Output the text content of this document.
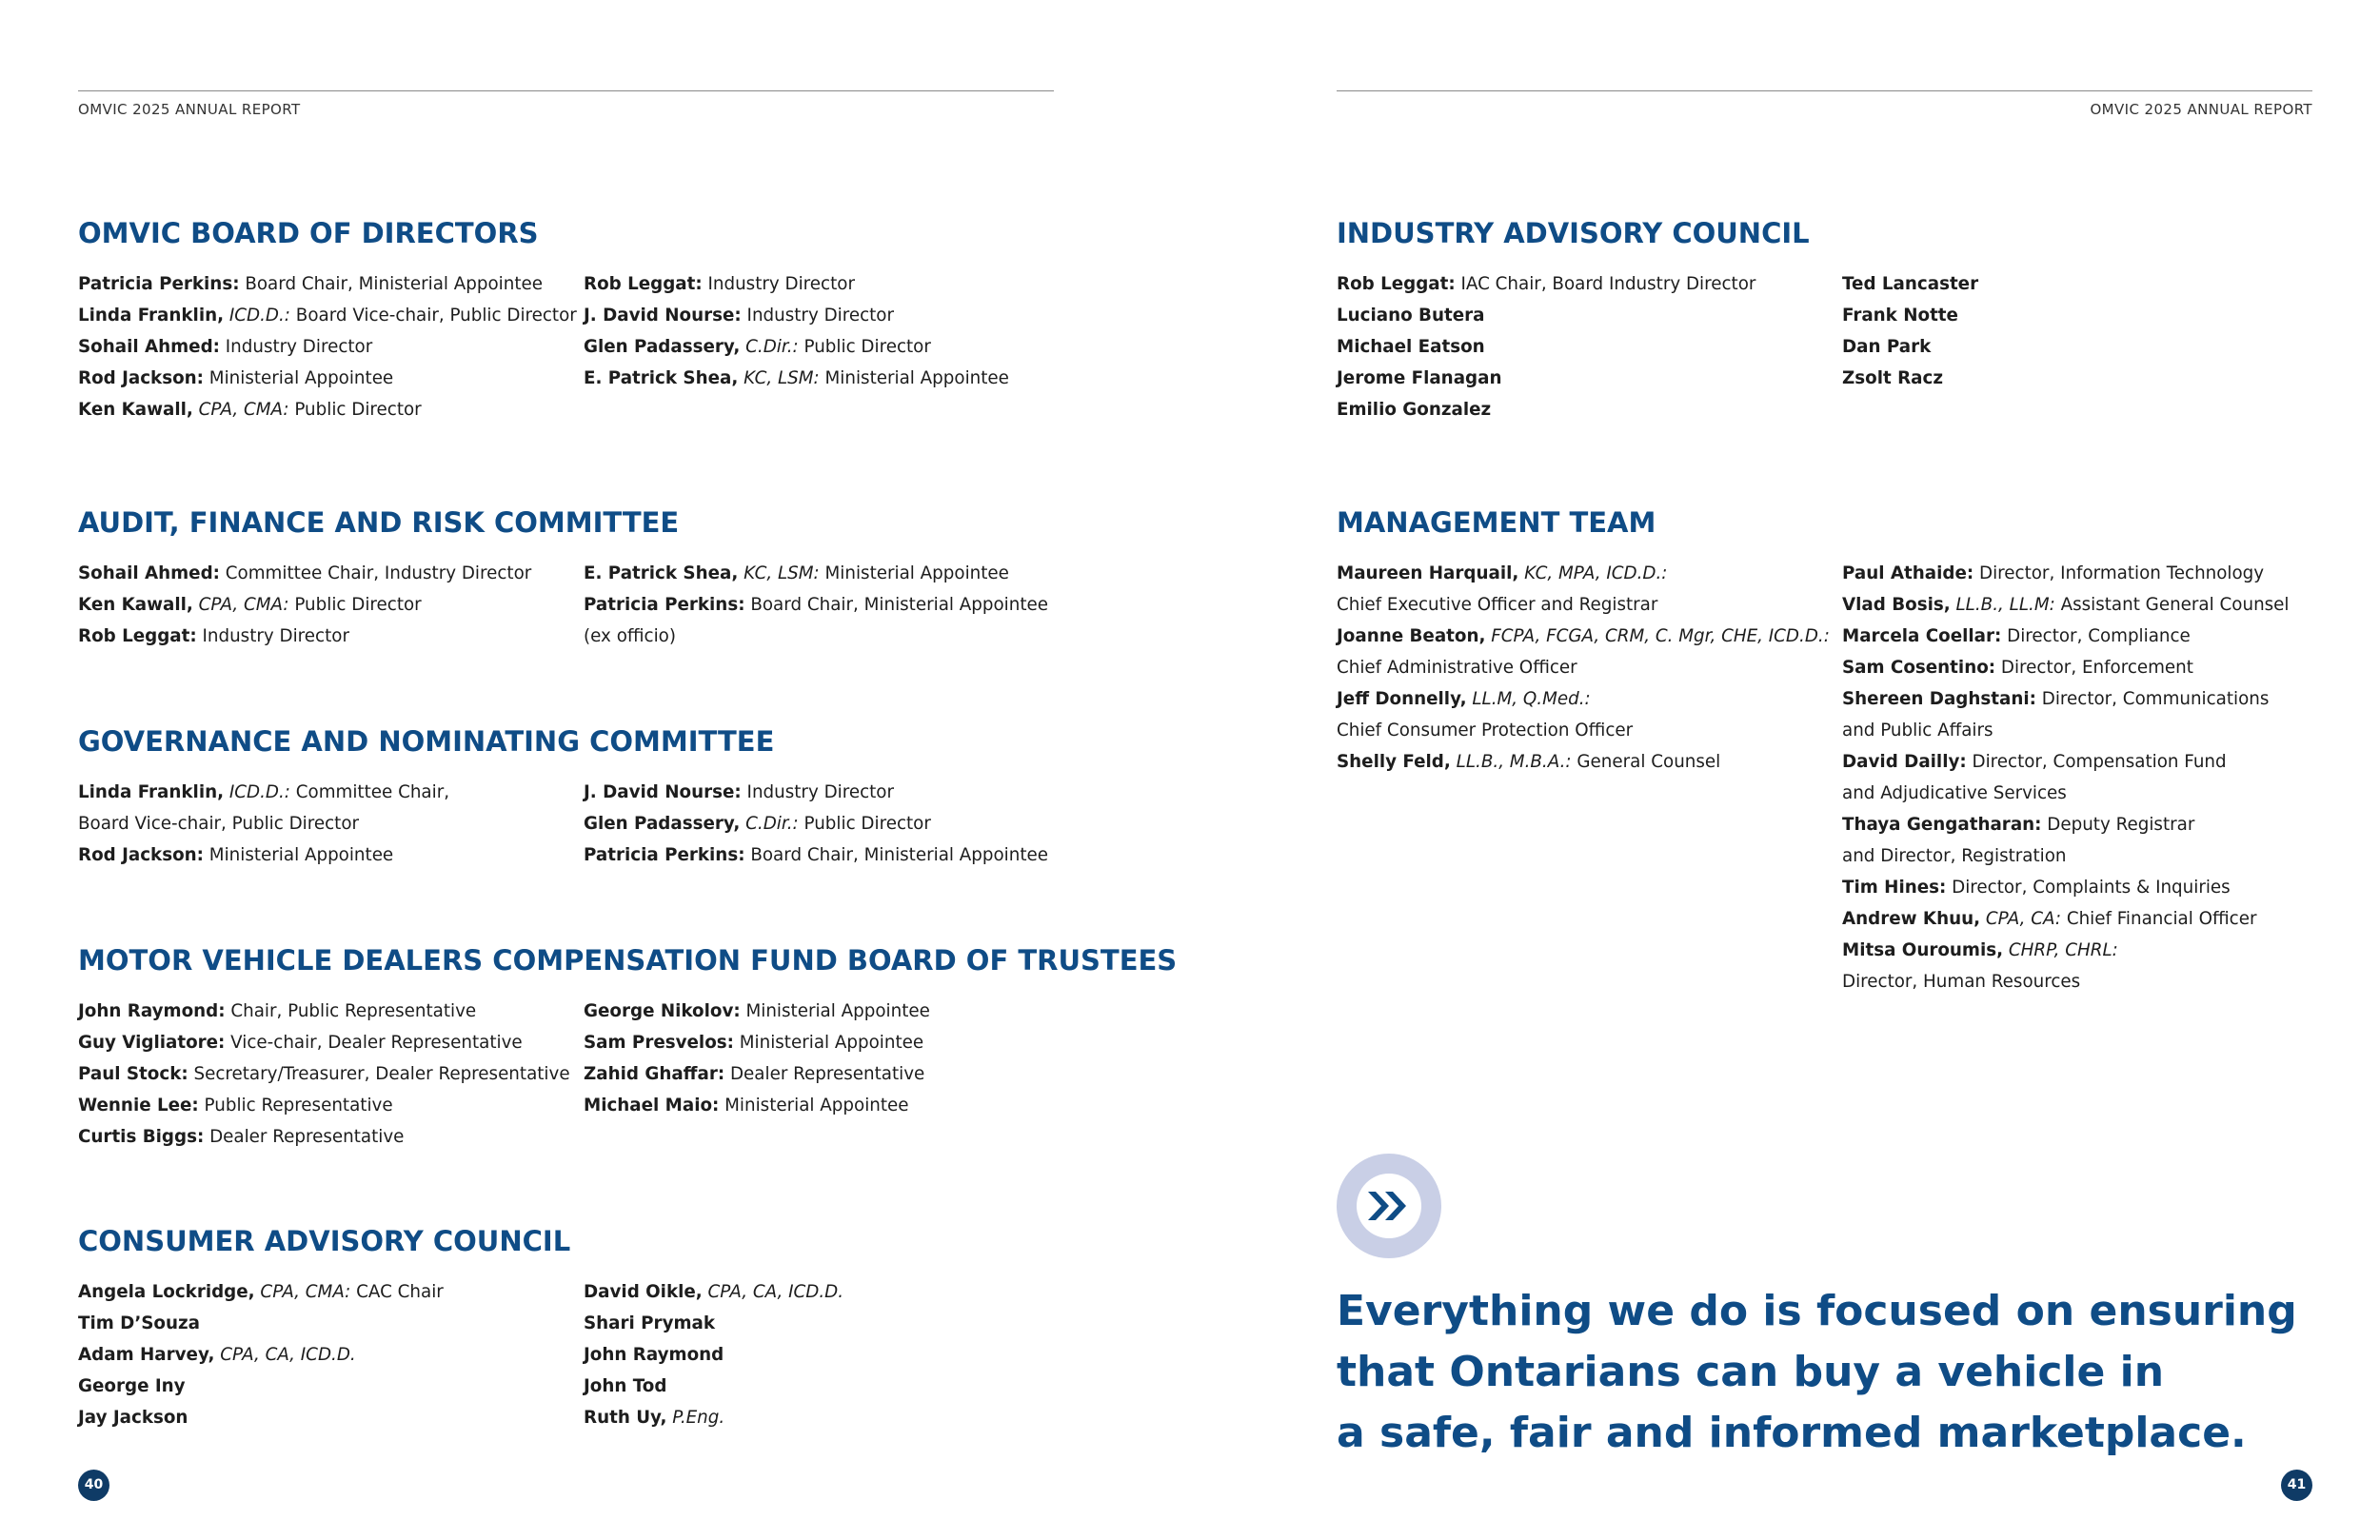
OMVIC 2025 ANNUAL REPORT
OMVIC BOARD OF DIRECTORS
Patricia Perkins: Board Chair, Ministerial Appointee
Linda Franklin, ICD.D.: Board Vice-chair, Public Director
Sohail Ahmed: Industry Director
Rod Jackson: Ministerial Appointee
Ken Kawall, CPA, CMA: Public Director
Rob Leggat: Industry Director
J. David Nourse: Industry Director
Glen Padassery, C.Dir.: Public Director
E. Patrick Shea, KC, LSM: Ministerial Appointee
AUDIT, FINANCE AND RISK COMMITTEE
Sohail Ahmed: Committee Chair, Industry Director
Ken Kawall, CPA, CMA: Public Director
Rob Leggat: Industry Director
E. Patrick Shea, KC, LSM: Ministerial Appointee
Patricia Perkins: Board Chair, Ministerial Appointee
(ex officio)
GOVERNANCE AND NOMINATING COMMITTEE
Linda Franklin, ICD.D.: Committee Chair,
Board Vice-chair, Public Director
Rod Jackson: Ministerial Appointee
J. David Nourse: Industry Director
Glen Padassery, C.Dir.: Public Director
Patricia Perkins: Board Chair, Ministerial Appointee
MOTOR VEHICLE DEALERS COMPENSATION FUND BOARD OF TRUSTEES
John Raymond: Chair, Public Representative
Guy Vigliatore: Vice-chair, Dealer Representative
Paul Stock: Secretary/Treasurer, Dealer Representative
Wennie Lee: Public Representative
Curtis Biggs: Dealer Representative
George Nikolov: Ministerial Appointee
Sam Presvelos: Ministerial Appointee
Zahid Ghaffar: Dealer Representative
Michael Maio: Ministerial Appointee
CONSUMER ADVISORY COUNCIL
Angela Lockridge, CPA, CMA: CAC Chair
Tim D’Souza
Adam Harvey, CPA, CA, ICD.D.
George Iny
Jay Jackson
David Oikle, CPA, CA, ICD.D.
Shari Prymak
John Raymond
John Tod
Ruth Uy, P.Eng.
40
OMVIC 2025 ANNUAL REPORT
INDUSTRY ADVISORY COUNCIL
Rob Leggat: IAC Chair, Board Industry Director
Luciano Butera
Michael Eatson
Jerome Flanagan
Emilio Gonzalez
Ted Lancaster
Frank Notte
Dan Park
Zsolt Racz
MANAGEMENT TEAM
Maureen Harquail, KC, MPA, ICD.D.:
Chief Executive Officer and Registrar
Joanne Beaton, FCPA, FCGA, CRM, C. Mgr, CHE, ICD.D.:
Chief Administrative Officer
Jeff Donnelly, LL.M, Q.Med.:
Chief Consumer Protection Officer
Shelly Feld, LL.B., M.B.A.: General Counsel
Paul Athaide: Director, Information Technology
Vlad Bosis, LL.B., LL.M: Assistant General Counsel
Marcela Coellar: Director, Compliance
Sam Cosentino: Director, Enforcement
Shereen Daghstani: Director, Communications
and Public Affairs
David Dailly: Director, Compensation Fund
and Adjudicative Services
Thaya Gengatharan: Deputy Registrar
and Director, Registration
Tim Hines: Director, Complaints & Inquiries
Andrew Khuu, CPA, CA: Chief Financial Officer
Mitsa Ouroumis, CHRP, CHRL:
Director, Human Resources
Everything we do is focused on ensuring
that Ontarians can buy a vehicle in
a safe, fair and informed marketplace.
41
